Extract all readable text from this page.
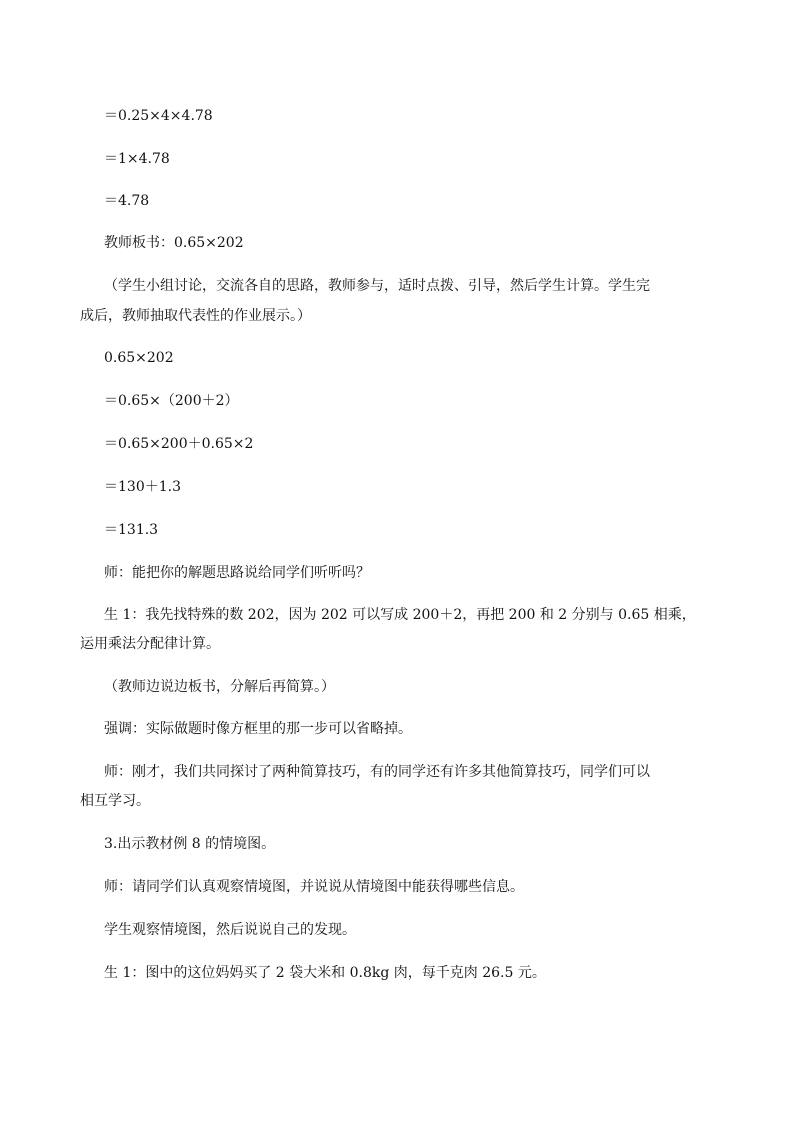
＝0.25×4×4.78
＝1×4.78
＝4.78
教师板书：0.65×202
（学生小组讨论，交流各自的思路，教师参与，适时点拨、引导，然后学生计算。学生完
成后，教师抽取代表性的作业展示。）
0.65×202
＝0.65×（200＋2）
＝0.65×200＋0.65×2
＝130＋1.3
＝131.3
师：能把你的解题思路说给同学们听听吗？
生 1：我先找特殊的数 202，因为 202 可以写成 200＋2，再把 200 和 2 分别与 0.65 相乘，
运用乘法分配律计算。
（教师边说边板书，分解后再简算。）
强调：实际做题时像方框里的那一步可以省略掉。
师：刚才，我们共同探讨了两种简算技巧，有的同学还有许多其他简算技巧，同学们可以
相互学习。
3.出示教材例 8 的情境图。
师：请同学们认真观察情境图，并说说从情境图中能获得哪些信息。
学生观察情境图，然后说说自己的发现。
生 1：图中的这位妈妈买了 2 袋大米和 0.8kg 肉，每千克肉 26.5 元。
